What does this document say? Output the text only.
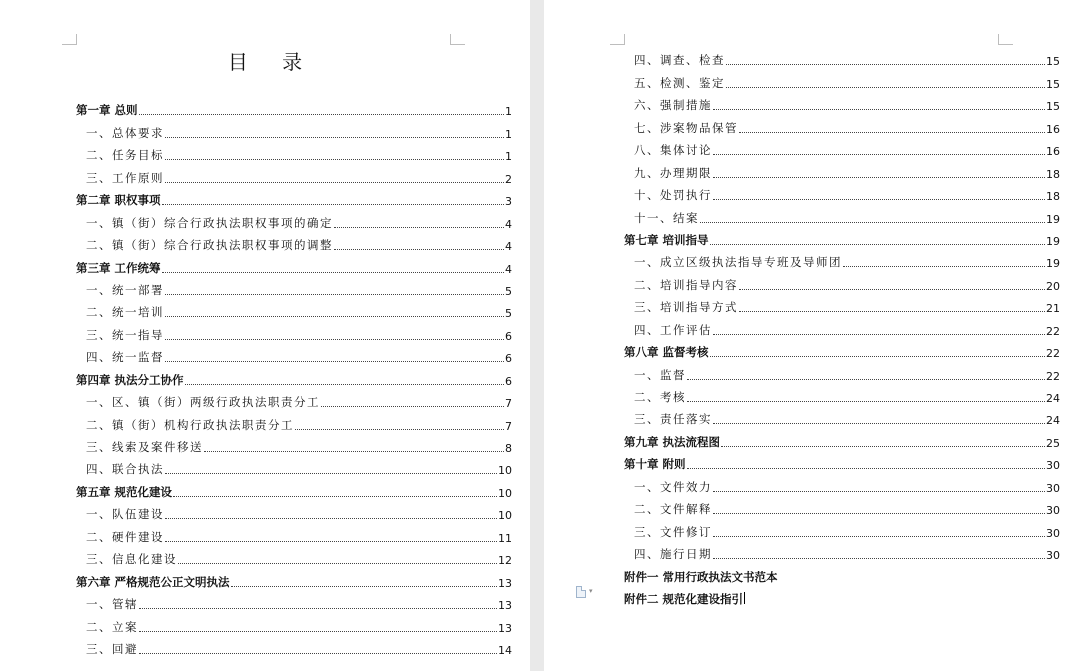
目 录
第一章 总则	1
一、总体要求	1
二、任务目标	1
三、工作原则	2
第二章 职权事项	3
一、镇（街）综合行政执法职权事项的确定	4
二、镇（街）综合行政执法职权事项的调整	4
第三章 工作统筹	4
一、统一部署	5
二、统一培训	5
三、统一指导	6
四、统一监督	6
第四章 执法分工协作	6
一、区、镇（街）两级行政执法职责分工	7
二、镇（街）机构行政执法职责分工	7
三、线索及案件移送	8
四、联合执法	10
第五章 规范化建设	10
一、队伍建设	10
二、硬件建设	11
三、信息化建设	12
第六章 严格规范公正文明执法	13
一、管辖	13
二、立案	13
三、回避	14
四、调查、检查	15
五、检测、鉴定	15
六、强制措施	15
七、涉案物品保管	16
八、集体讨论	16
九、办理期限	18
十、处罚执行	18
十一、结案	19
第七章 培训指导	19
一、成立区级执法指导专班及导师团	19
二、培训指导内容	20
三、培训指导方式	21
四、工作评估	22
第八章 监督考核	22
一、监督	22
二、考核	24
三、责任落实	24
第九章 执法流程图	25
第十章 附则	30
一、文件效力	30
二、文件解释	30
三、文件修订	30
四、施行日期	30
附件一 常用行政执法文书范本
附件二 规范化建设指引
▾
